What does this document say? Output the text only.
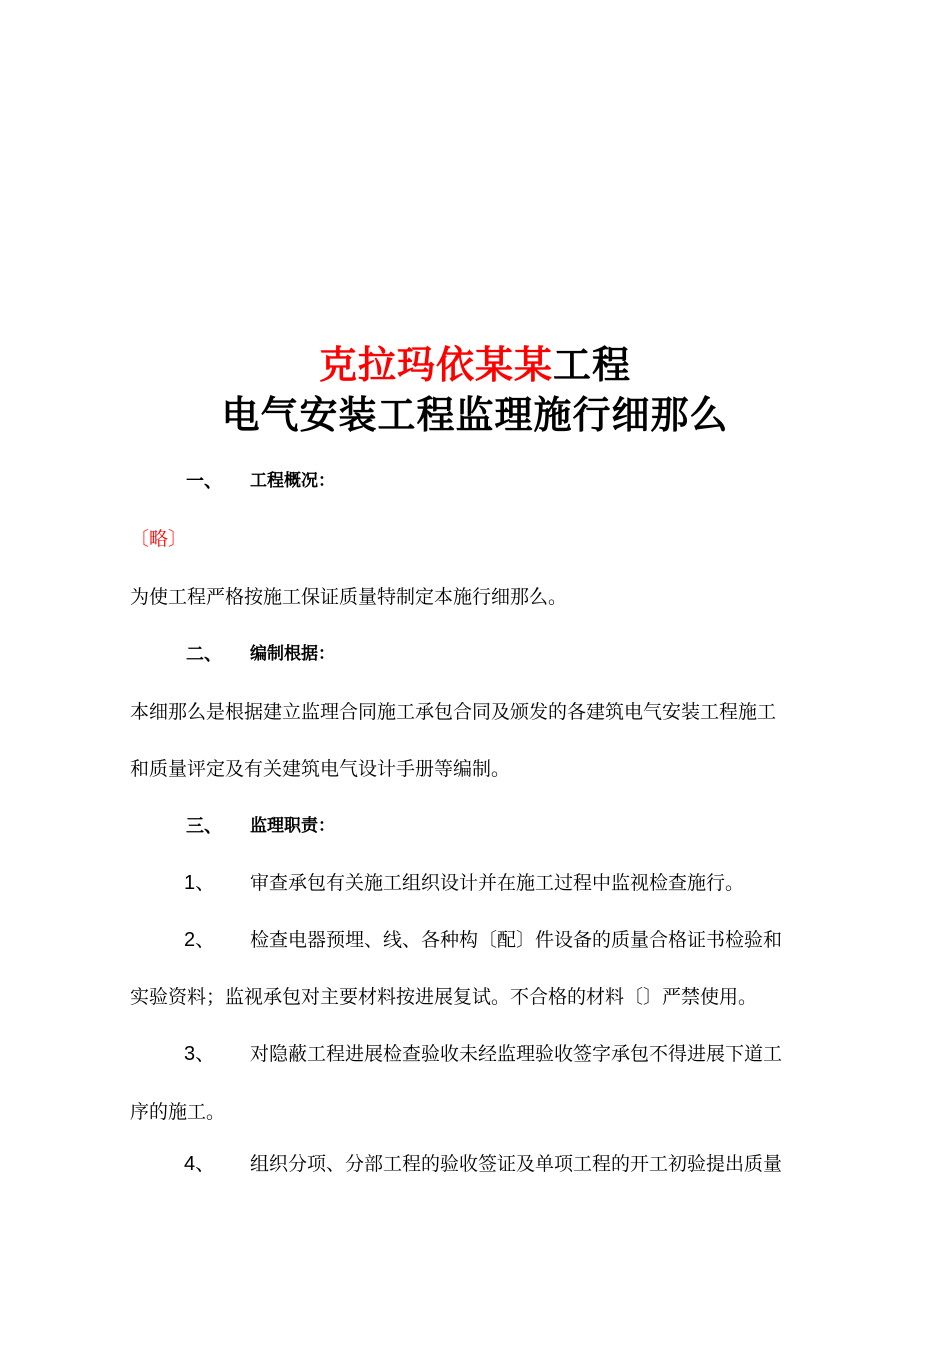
克拉玛依某某工程
电气安装工程监理施行细那么
一、 工程概况：
〔略〕
为使工程严格按施工保证质量特制定本施行细那么。
二、 编制根据：
本细那么是根据建立监理合同施工承包合同及颁发的各建筑电气安装工程施工
和质量评定及有关建筑电气设计手册等编制。
三、 监理职责：
1、 审查承包有关施工组织设计并在施工过程中监视检查施行。
2、 检查电器预埋、线、各种构〔配〕件设备的质量合格证书检验和
实验资料；监视承包对主要材料按进展复试。不合格的材料〔〕严禁使用。
3、 对隐蔽工程进展检查验收未经监理验收签字承包不得进展下道工
序的施工。
4、 组织分项、分部工程的验收签证及单项工程的开工初验提出质量
